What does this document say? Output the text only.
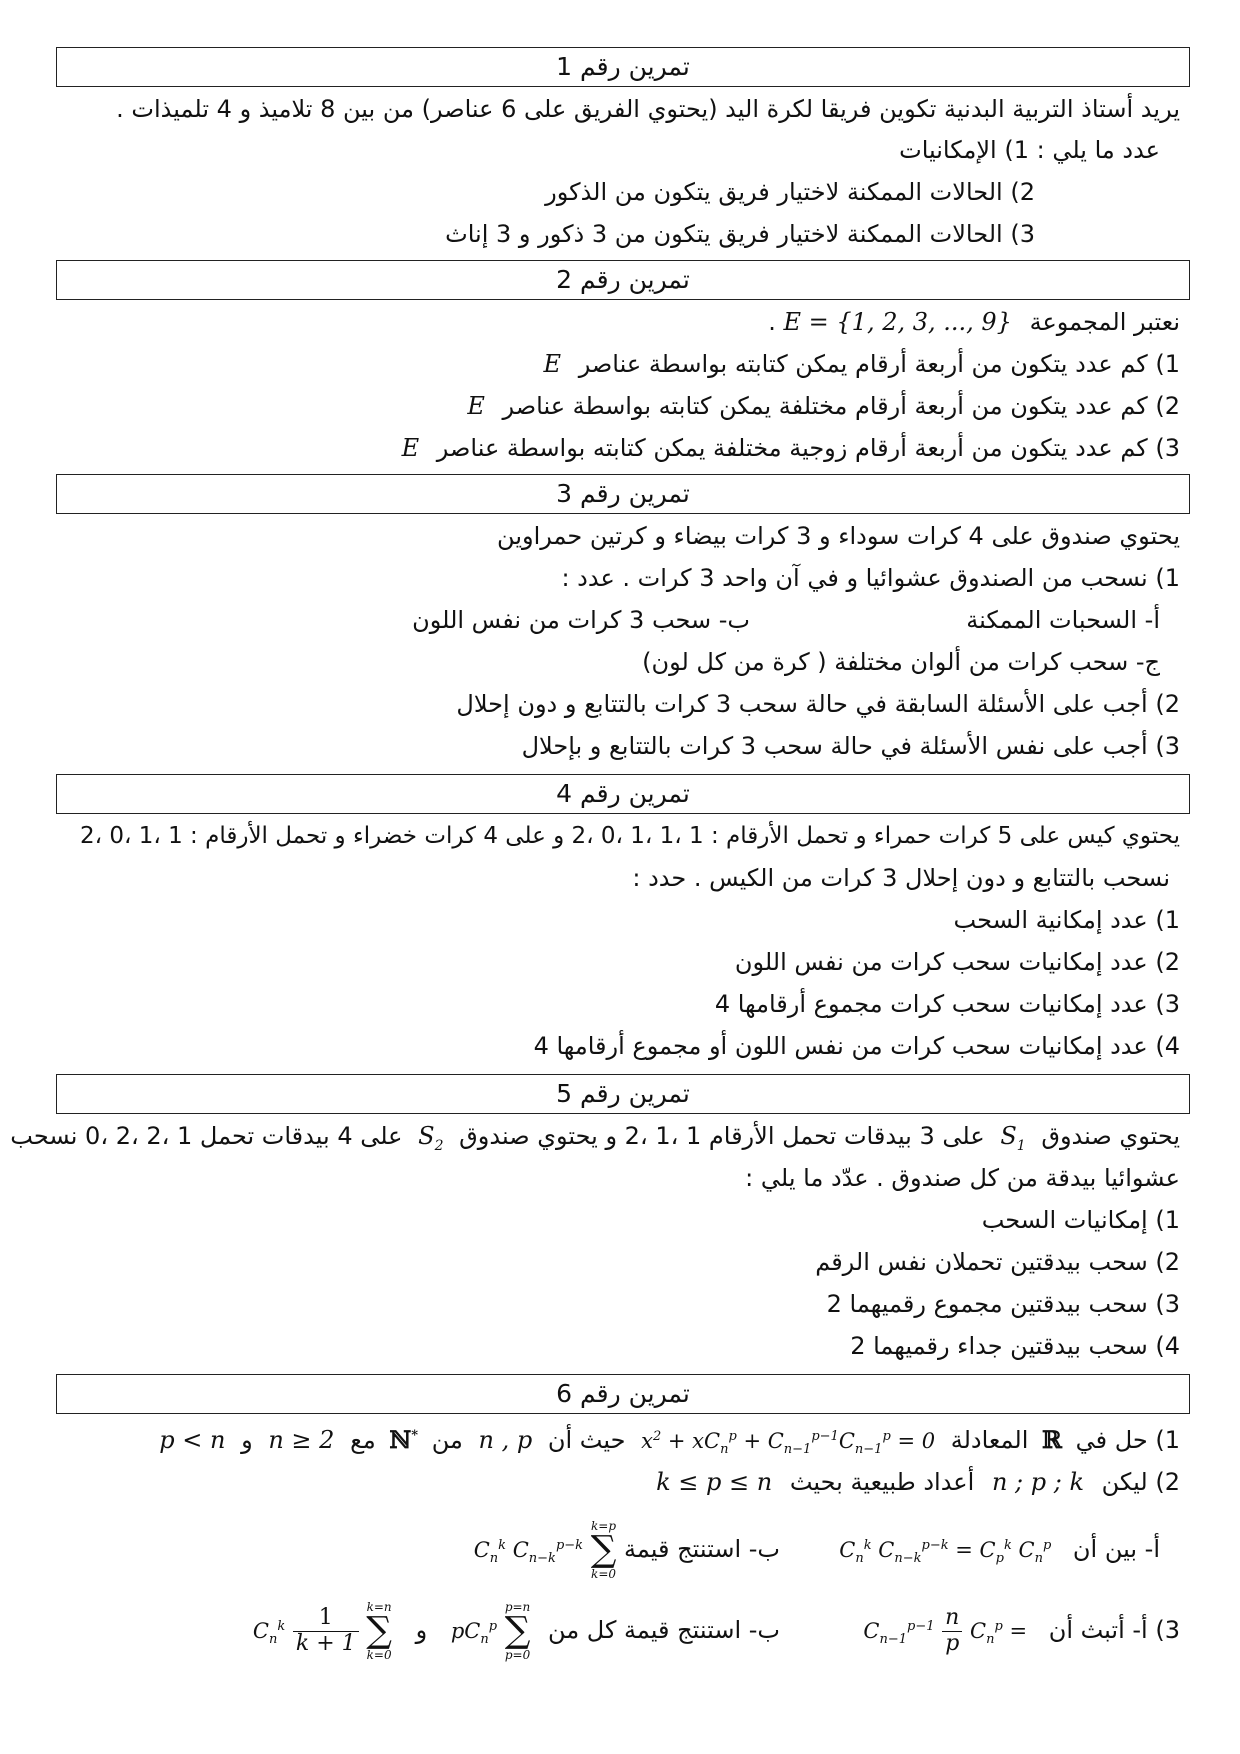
تمرين رقم 1
يريد أستاذ التربية البدنية تكوين فريقا لكرة اليد (يحتوي الفريق على 6 عناصر) من بين 8 تلاميذ و 4 تلميذات .
عدد ما يلي : 1) الإمكانيات
2) الحالات الممكنة لاختيار فريق يتكون من الذكور
3) الحالات الممكنة لاختيار فريق يتكون من 3 ذكور و 3 إناث
تمرين رقم 2
نعتبر المجموعة E = {1, 2, 3, ..., 9} .
1) كم عدد يتكون من أربعة أرقام يمكن كتابته بواسطة عناصر E
2) كم عدد يتكون من أربعة أرقام مختلفة يمكن كتابته بواسطة عناصر E
3) كم عدد يتكون من أربعة أرقام زوجية مختلفة يمكن كتابته بواسطة عناصر E
تمرين رقم 3
يحتوي صندوق على 4 كرات سوداء و 3 كرات بيضاء و كرتين حمراوين
1) نسحب من الصندوق عشوائيا و في آن واحد 3 كرات . عدد :
أ- السحبات الممكنة
ب- سحب 3 كرات من نفس اللون
ج- سحب كرات من ألوان مختلفة ( كرة من كل لون)
2) أجب على الأسئلة السابقة في حالة سحب 3 كرات بالتتابع و دون إحلال
3) أجب على نفس الأسئلة في حالة سحب 3 كرات بالتتابع و بإحلال
تمرين رقم 4
يحتوي كيس على 5 كرات حمراء و تحمل الأرقام : 1 ،1 ،1 ،0 ،2 و على 4 كرات خضراء و تحمل الأرقام : 1 ،1 ،0 ،2
نسحب بالتتابع و دون إحلال 3 كرات من الكيس . حدد :
1) عدد إمكانية السحب
2) عدد إمكانيات سحب كرات من نفس اللون
3) عدد إمكانيات سحب كرات مجموع أرقامها 4
4) عدد إمكانيات سحب كرات من نفس اللون أو مجموع أرقامها 4
تمرين رقم 5
يحتوي صندوق $S_1$ على 3 بيدقات تحمل الأرقام 1 ،1 ،2 و يحتوي صندوق $S_2$ على 4 بيدقات تحمل 1 ،2 ،2 ،0 نسحب
عشوائيا بيدقة من كل صندوق . عدّد ما يلي :
1) إمكانيات السحب
2) سحب بيدقتين تحملان نفس الرقم
3) سحب بيدقتين مجموع رقميهما 2
4) سحب بيدقتين جداء رقميهما 2
تمرين رقم 6
1) حل في ℝ المعادلة $x^2 + xC_n^p + C_{n-1}^{p-1}C_{n-1}^p = 0$ حيث أن n , p من ℕ* مع n ≥ 2 و p < n
2) ليكن n ; p ; k أعداد طبيعية بحيث k ≤ p ≤ n
أ- بين أن $C_n^k$ $C_{n-k}^{p-k} = C_p^k$ $C_n^p$
ب- استنتج قيمة
k=p
∑
k=0
$C_n^k$ $C_{n-k}^{p-k}$
3) أ- أتبث أن $C_n^p$ =
$\frac{n}{p}$
$C_{n-1}^{p-1}$
ب- استنتج قيمة كل من
p=n
∑
p=0
$pC_n^p$ و
k=n
∑
k=0

$\frac{1}{k + 1}$
$C_n^k$
